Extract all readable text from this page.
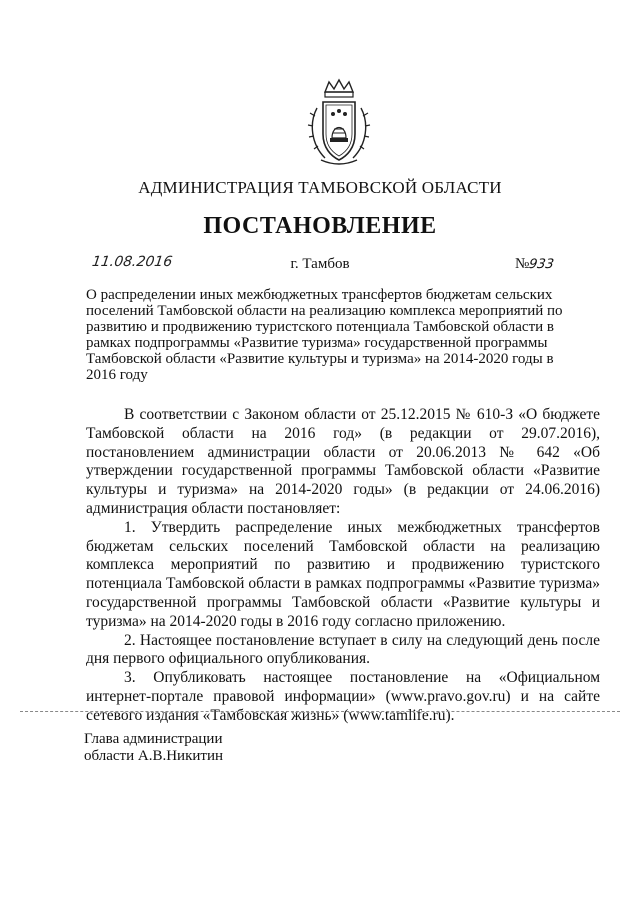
АДМИНИСТРАЦИЯ ТАМБОВСКОЙ ОБЛАСТИ
ПОСТАНОВЛЕНИЕ
11.08.2016	г. Тамбов	№933
О распределении иных межбюджетных трансфертов бюджетам сельских
поселений Тамбовской области на реализацию комплекса мероприятий по
развитию и продвижению туристского потенциала Тамбовской области в
рамках подпрограммы «Развитие туризма» государственной программы
Тамбовской области «Развитие культуры и туризма» на 2014-2020 годы в
2016 году

В соответствии с Законом области от 25.12.2015 № 610-З «О бюджете Тамбовской области на 2016 год» (в редакции от 29.07.2016), постановлением администрации области от 20.06.2013 № 642 «Об утверждении государственной программы Тамбовской области «Развитие культуры и туризма» на 2014-2020 годы» (в редакции от 24.06.2016) администрация области постановляет:

1. Утвердить распределение иных межбюджетных трансфертов бюджетам сельских поселений Тамбовской области на реализацию комплекса мероприятий по развитию и продвижению туристского потенциала Тамбовской области в рамках подпрограммы «Развитие туризма» государственной программы Тамбовской области «Развитие культуры и туризма» на 2014-2020 годы в 2016 году согласно приложению.

2. Настоящее постановление вступает в силу на следующий день после дня первого официального опубликования.

3. Опубликовать настоящее постановление на «Официальном интернет-портале правовой информации» (www.pravo.gov.ru) и на сайте сетевого издания «Тамбовская жизнь» (www.tamlife.ru).

Глава администрации
области А.В.Никитин
